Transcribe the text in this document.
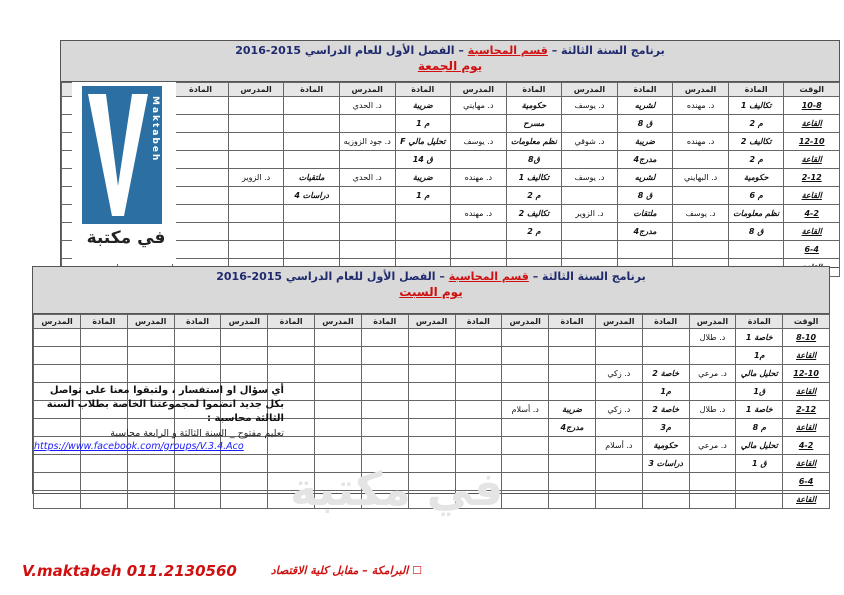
برنامج السنة الثالثة – قسم المحاسبة – الفصل الأول للعام الدراسي 2015-2016
يوم الجمعة
الوقت	المادة	المدرس	المادة	المدرس	المادة	المدرس	المادة	المدرس	المادة	المدرس	المادة		
10-8	تكاليف 1	د. مهنده	لشريه	د. يوسف	حكومية	د. مهايني	ضريبة	د. الحدي					
القاعة	م 2		ق 8		مسرح		م 1						
12-10	تكاليف 2	د. مهنده	ضريبة	د. شوقي	نظم معلومات	د. يوسف	تحليل مالي F	د. جود الزوزيه					
القاعة	م 2		مدرج4		ق8		ق 14						
2-12	حكومية	د. البهايني	لشريه	د. يوسف	تكاليف 1	د. مهنده	ضريبة	د. الحدي	ملتقيات	د. الزوير			
القاعة	م 6		ق 8		م 2		م 1		دراسات 4				
4-2	نظم معلومات	د. يوسف	ملتقات	د. الزوير	تكاليف 2	د. مهنده							
القاعة	ق 8		مدرج4		م 2								
6-4													

Maktabeh
في مكتبة
برنامج السنة الثالثة – قسم المحاسبة – الفصل الأول للعام الدراسي 2015-2016
يوم السبت
الوقت	المادة	المدرس	المادة	المدرس	المادة	المدرس	المادة	المدرس	المادة	المدرس	المادة	المدرس	المادة	المدرس	المادة	المدرس
8-10	خاصة 1	د. طلال														
القاعة	م1															
12-10	تحليل مالي	د. مرعي	خاصة 2	د. زكي												
القاعة	ق1		م1													
2-12	خاصة 1	د. طلال	خاصة 2	د. زكي	ضريبة	د. أسلام										
القاعة	م 8		م3		مدرج4											
4-2	تحليل مالي	د. مرعي	حكومية	د. أسلام												
القاعة	ق 1		دراسات 3													
6-4																
القاعة																
أي سؤال او استفسار ، ولتبقوا معنا على تواصل بكل جديد انضموا لمجموعتنا الخاصة بطلاب السنة الثالثة محاسبة :
تعليم مفتوح _ السنة الثالثة و الرابعة محاسبة
https://www.facebook.com/groups/V.3.4.Aco
في مكتبة
V.maktabeh 011.2130560	☐ البرامكة – مقابل كلية الاقتصاد
